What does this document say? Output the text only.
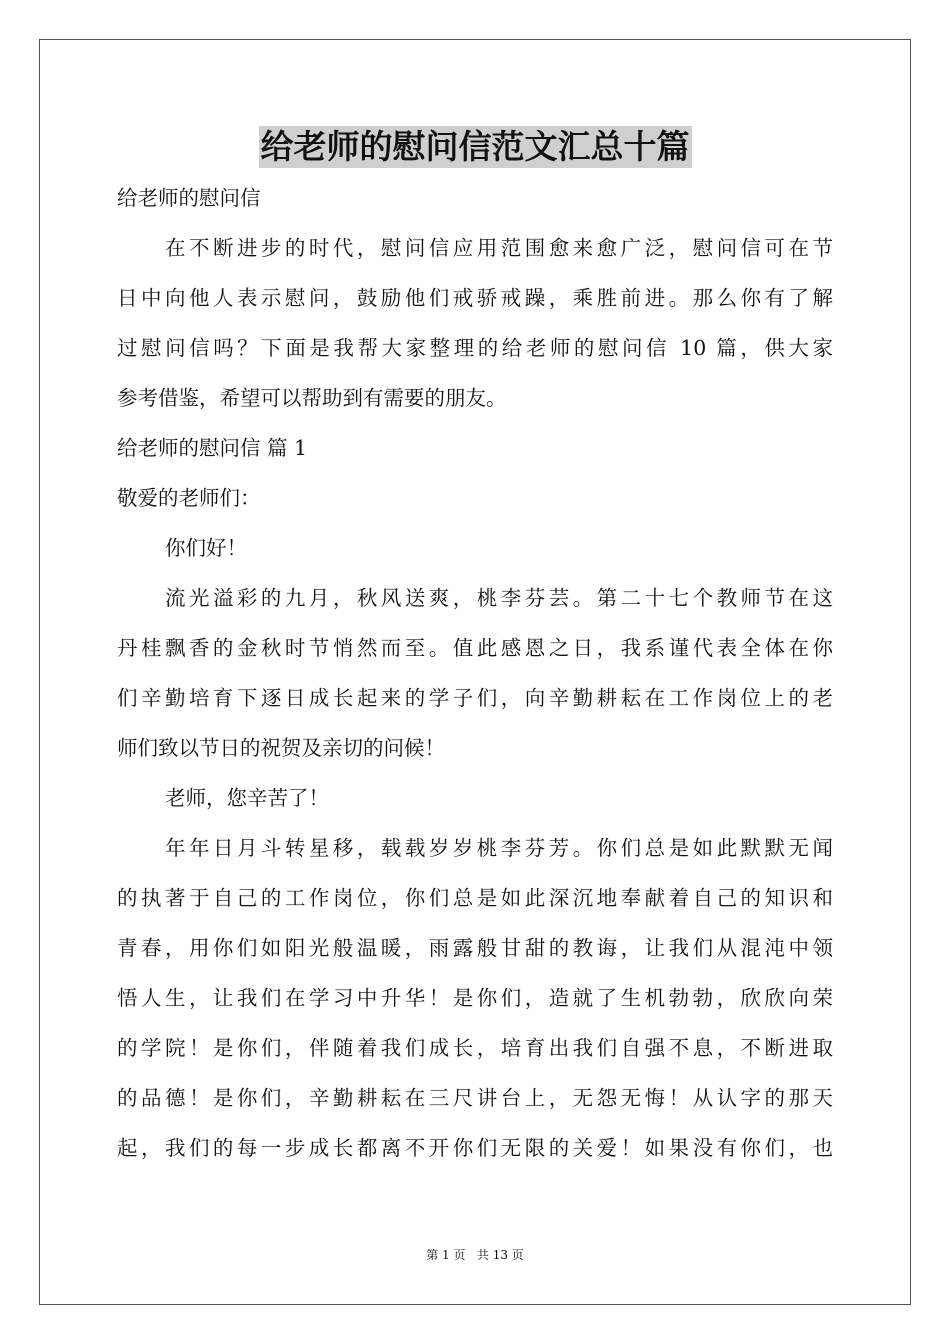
给老师的慰问信范文汇总十篇
给老师的慰问信
在不断进步的时代，慰问信应用范围愈来愈广泛，慰问信可在节
日中向他人表示慰问，鼓励他们戒骄戒躁，乘胜前进。那么你有了解
过慰问信吗？下面是我帮大家整理的给老师的慰问信 10 篇，供大家
参考借鉴，希望可以帮助到有需要的朋友。
给老师的慰问信 篇 1
敬爱的老师们：
你们好！
流光溢彩的九月，秋风送爽，桃李芬芸。第二十七个教师节在这
丹桂飘香的金秋时节悄然而至。值此感恩之日，我系谨代表全体在你
们辛勤培育下逐日成长起来的学子们，向辛勤耕耘在工作岗位上的老
师们致以节日的祝贺及亲切的问候！
老师，您辛苦了！
年年日月斗转星移，载载岁岁桃李芬芳。你们总是如此默默无闻
的执著于自己的工作岗位，你们总是如此深沉地奉献着自己的知识和
青春，用你们如阳光般温暖，雨露般甘甜的教诲，让我们从混沌中领
悟人生，让我们在学习中升华！是你们，造就了生机勃勃，欣欣向荣
的学院！是你们，伴随着我们成长，培育出我们自强不息，不断进取
的品德！是你们，辛勤耕耘在三尺讲台上，无怨无悔！从认字的那天
起，我们的每一步成长都离不开你们无限的关爱！如果没有你们，也
第 1 页   共 13 页
